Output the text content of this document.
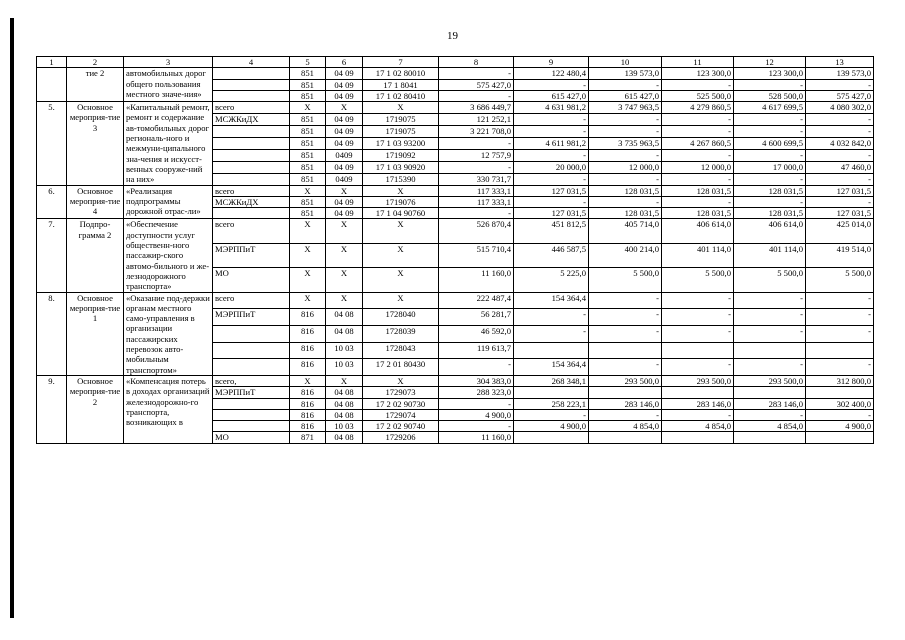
19
1	2	3	4	5	6	7	8	9	10	11	12	13
	тие 2	автомобильных дорог общего пользования местного значе-ния»		851	04 09	17 1 02 80010	-	122 480,4	139 573,0	123 300,0	123 300,0	139 573,0
				851	04 09	17 1 8041	575 427,0	-	-	-	-	-
				851	04 09	17 1 02 80410	-	615 427,0	615 427,0	525 500,0	528 500,0	575 427,0
5.	Основное мероприя-тие 3	«Капитальный ремонт, ремонт и содержание ав-томобильных дорог региональ-ного и межмуни-ципального зна-чения и искусст-венных сооруже-ний на них»	всего	X	X	X	3 686 449,7	4 631 981,2	3 747 963,5	4 279 860,5	4 617 699,5	4 080 302,0
			МСЖКиДХ	851	04 09	1719075	121 252,1	-	-	-	-	-
				851	04 09	1719075	3 221 708,0	-	-	-	-	-
				851	04 09	17 1 03 93200	-	4 611 981,2	3 735 963,5	4 267 860,5	4 600 699,5	4 032 842,0
				851	0409	1719092	12 757,9	-	-	-	-	-
				851	04 09	17 1 03 90920	-	20 000,0	12 000,0	12 000,0	17 000,0	47 460,0
				851	0409	1715390	330 731,7	-	-	-	-	-
6.	Основное мероприя-тие 4	«Реализация подпрограммы дорожной отрас-ли»	всего	X	X	X	117 333,1	127 031,5	128 031,5	128 031,5	128 031,5	127 031,5
			МСЖКиДХ	851	04 09	1719076	117 333,1	-	-	-	-	-
				851	04 09	17 1 04 90760	-	127 031,5	128 031,5	128 031,5	128 031,5	127 031,5
7.	Подпро-грамма 2	«Обеспечение доступности услуг общественн-ного пассажир-ского автомо-бильного и же-лезнодорожного транспорта»	всего	X	X	X	526 870,4	451 812,5	405 714,0	406 614,0	406 614,0	425 014,0
			МЭРППиТ	X	X	X	515 710,4	446 587,5	400 214,0	401 114,0	401 114,0	419 514,0
			МО	X	X	X	11 160,0	5 225,0	5 500,0	5 500,0	5 500,0	5 500,0
8.	Основное мероприя-тие 1	«Оказание под-держки органам местного само-управления в организации пассажирских перевозок авто-мобильным транспортом»	всего	X	X	X	222 487,4	154 364,4	-	-	-	-
			МЭРППиТ	816	04 08	1728040	56 281,7	-	-	-	-	-
				816	04 08	1728039	46 592,0	-	-	-	-	-
				816	10 03	1728043	119 613,7					
				816	10 03	17 2 01 80430	-	154 364,4	-	-	-	-
9.	Основное мероприя-тие 2	«Компенсация потерь в доходах организаций железнодорожно-го транспорта, возникающих в	всего,	X	X	X	304 383,0	268 348,1	293 500,0	293 500,0	293 500,0	312 800,0
			МЭРППиТ	816	04 08	1729073	288 323,0					
				816	04 08	17 2 02 90730	-	258 223,1	283 146,0	283 146,0	283 146,0	302 400,0
				816	04 08	1729074	4 900,0	-	-	-	-	-
				816	10 03	17 2 02 90740	-	4 900,0	4 854,0	4 854,0	4 854,0	4 900,0
			МО	871	04 08	1729206	11 160,0					
